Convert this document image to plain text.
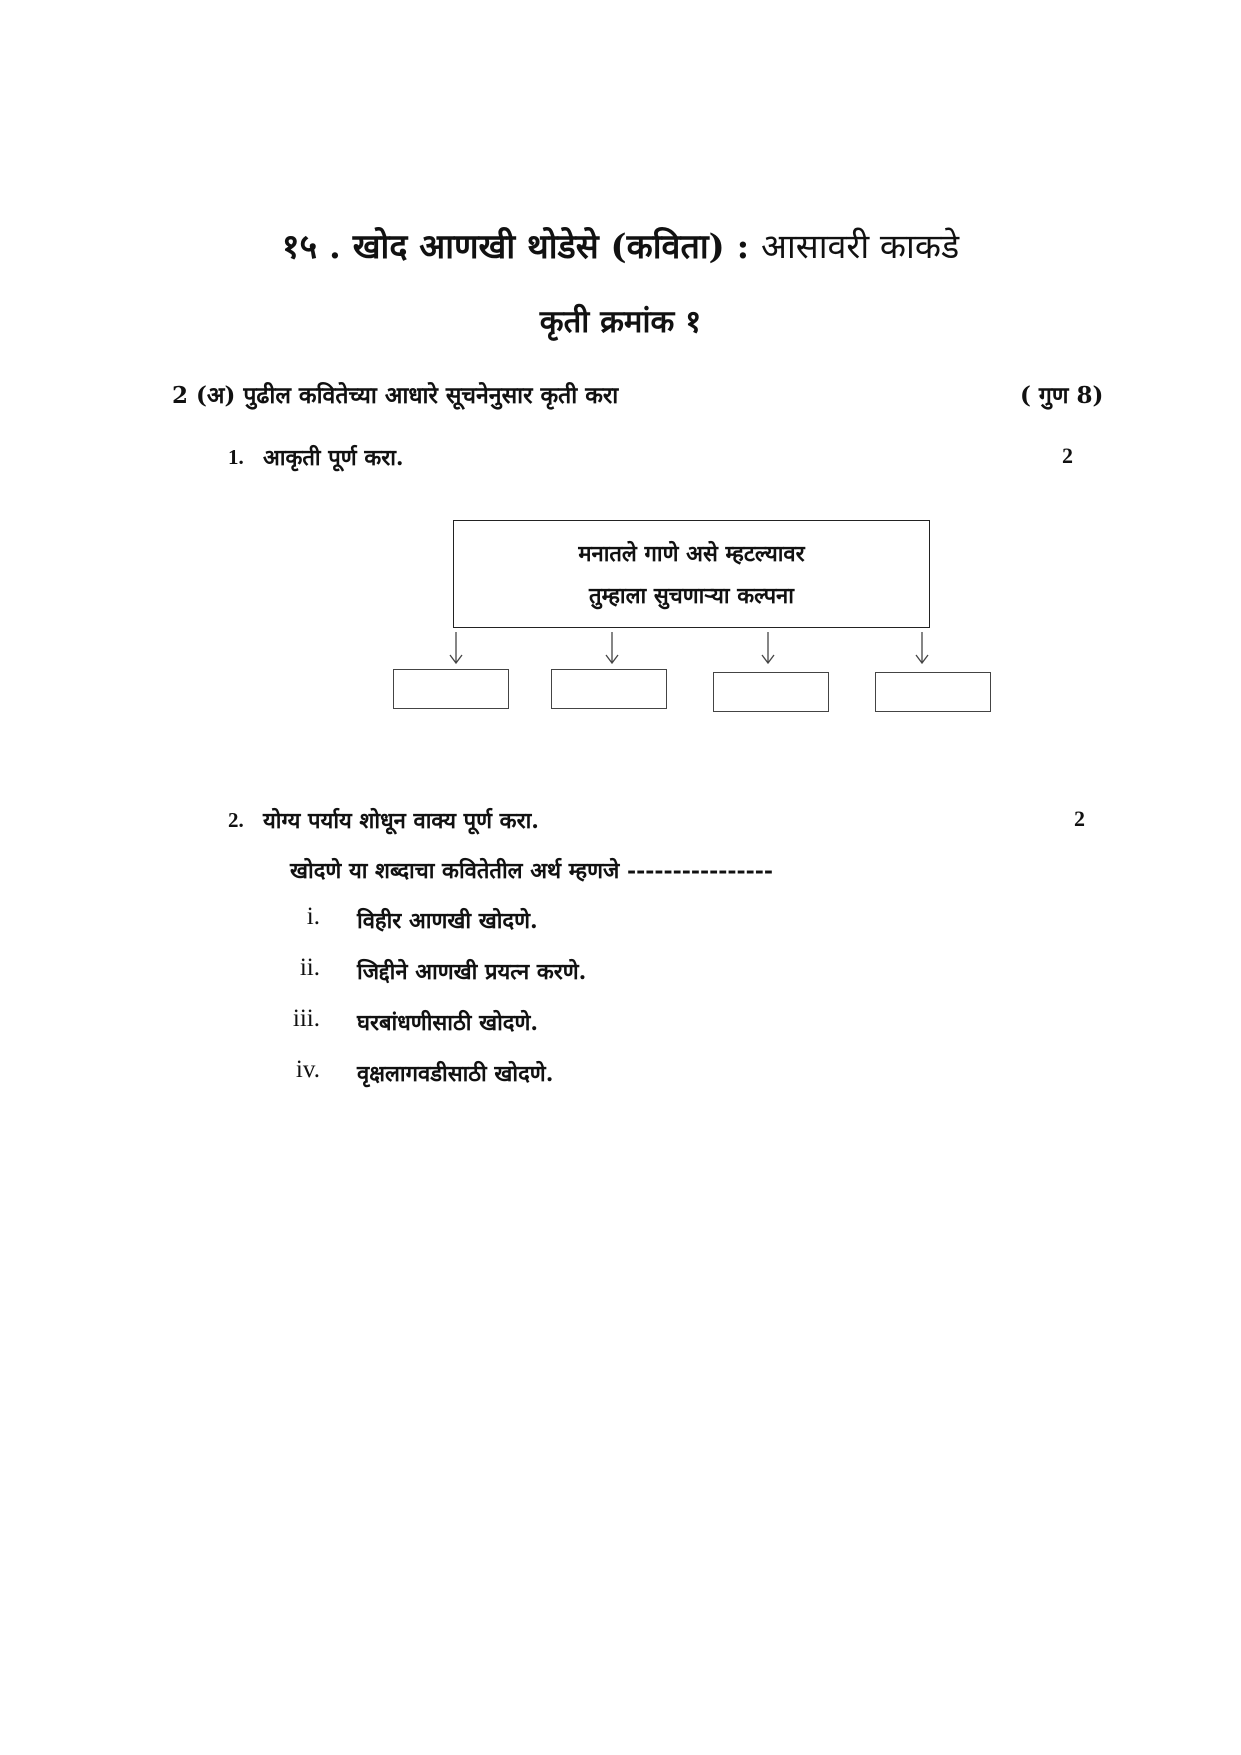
१५ . खोद आणखी थोडेसे (कविता) : आसावरी काकडे
कृती क्रमांक १
2 (अ) पुढील कवितेच्या आधारे सूचनेनुसार कृती करा	( गुण 8)
1. आकृती पूर्ण करा.	2
मनातले गाणे असे म्हटल्यावर
तुम्हाला सुचणाऱ्या कल्पना
2. योग्य पर्याय शोधून वाक्य पूर्ण करा.	2
खोदणे या शब्दाचा कवितेतील अर्थ म्हणजे ----------------
i. विहीर आणखी खोदणे.
ii. जिद्दीने आणखी प्रयत्न करणे.
iii. घरबांधणीसाठी खोदणे.
iv. वृक्षलागवडीसाठी खोदणे.
